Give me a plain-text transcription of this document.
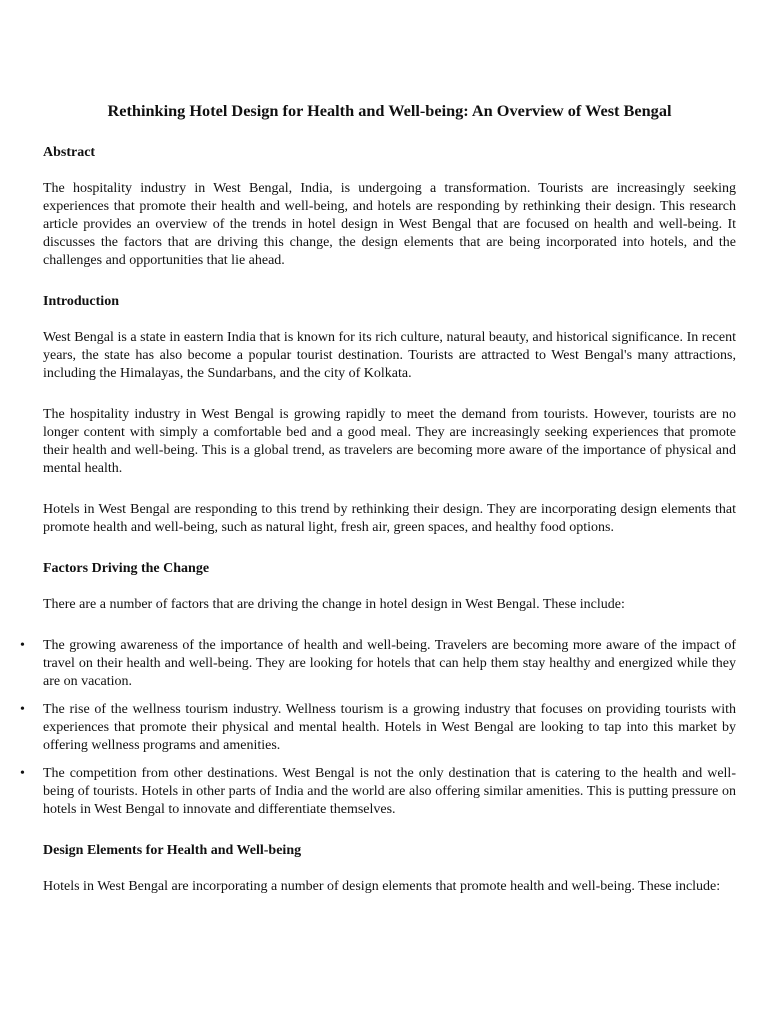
Rethinking Hotel Design for Health and Well-being: An Overview of West Bengal
Abstract

The hospitality industry in West Bengal, India, is undergoing a transformation. Tourists are increasingly seeking experiences that promote their health and well-being, and hotels are responding by rethinking their design. This research article provides an overview of the trends in hotel design in West Bengal that are focused on health and well-being. It discusses the factors that are driving this change, the design elements that are being incorporated into hotels, and the challenges and opportunities that lie ahead.

Introduction

West Bengal is a state in eastern India that is known for its rich culture, natural beauty, and historical significance. In recent years, the state has also become a popular tourist destination. Tourists are attracted to West Bengal's many attractions, including the Himalayas, the Sundarbans, and the city of Kolkata.

The hospitality industry in West Bengal is growing rapidly to meet the demand from tourists. However, tourists are no longer content with simply a comfortable bed and a good meal. They are increasingly seeking experiences that promote their health and well-being. This is a global trend, as travelers are becoming more aware of the importance of physical and mental health.

Hotels in West Bengal are responding to this trend by rethinking their design. They are incorporating design elements that promote health and well-being, such as natural light, fresh air, green spaces, and healthy food options.

Factors Driving the Change

There are a number of factors that are driving the change in hotel design in West Bengal. These include:

• The growing awareness of the importance of health and well-being. Travelers are becoming more aware of the impact of travel on their health and well-being. They are looking for hotels that can help them stay healthy and energized while they are on vacation.
• The rise of the wellness tourism industry. Wellness tourism is a growing industry that focuses on providing tourists with experiences that promote their physical and mental health. Hotels in West Bengal are looking to tap into this market by offering wellness programs and amenities.
• The competition from other destinations. West Bengal is not the only destination that is catering to the health and well-being of tourists. Hotels in other parts of India and the world are also offering similar amenities. This is putting pressure on hotels in West Bengal to innovate and differentiate themselves.
Design Elements for Health and Well-being

Hotels in West Bengal are incorporating a number of design elements that promote health and well-being. These include:
